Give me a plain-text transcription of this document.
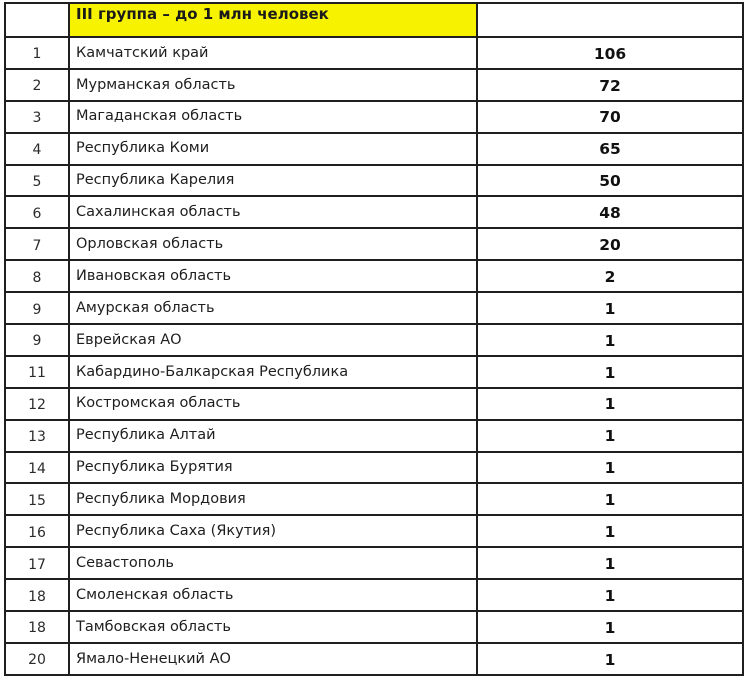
	III группа – до 1 млн человек	
1	Камчатский край	106
2	Мурманская область	72
3	Магаданская область	70
4	Республика Коми	65
5	Республика Карелия	50
6	Сахалинская область	48
7	Орловская область	20
8	Ивановская область	2
9	Амурская область	1
9	Еврейская АО	1
11	Кабардино-Балкарская Республика	1
12	Костромская область	1
13	Республика Алтай	1
14	Республика Бурятия	1
15	Республика Мордовия	1
16	Республика Саха (Якутия)	1
17	Севастополь	1
18	Смоленская область	1
18	Тамбовская область	1
20	Ямало-Ненецкий АО	1
